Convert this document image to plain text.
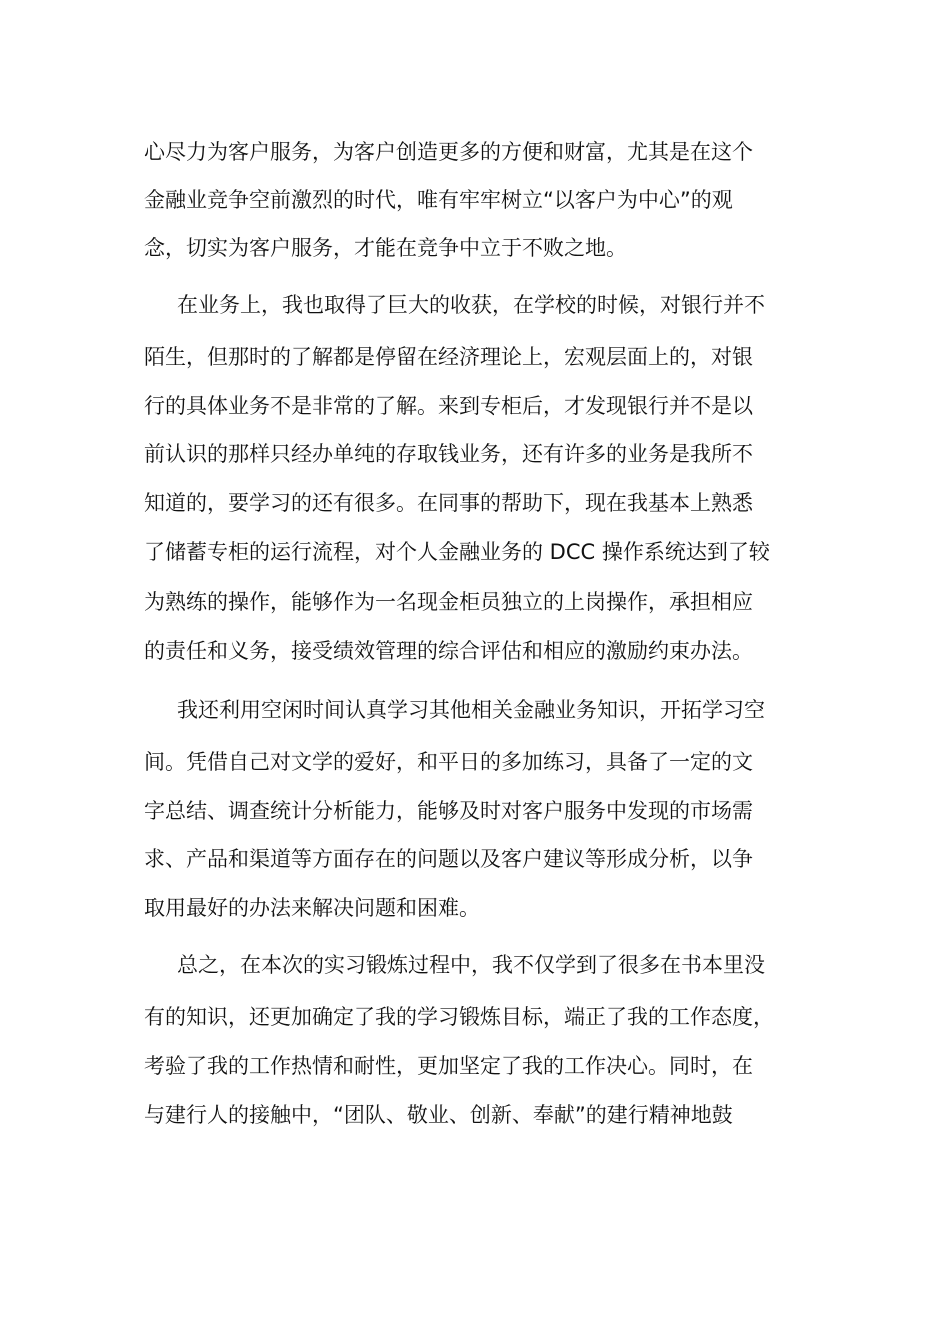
心尽力为客户服务，为客户创造更多的方便和财富，尤其是在这个
金融业竞争空前激烈的时代，唯有牢牢树立“以客户为中心”的观
念，切实为客户服务，才能在竞争中立于不败之地。
在业务上，我也取得了巨大的收获，在学校的时候，对银行并不
陌生，但那时的了解都是停留在经济理论上，宏观层面上的，对银
行的具体业务不是非常的了解。来到专柜后，才发现银行并不是以
前认识的那样只经办单纯的存取钱业务，还有许多的业务是我所不
知道的，要学习的还有很多。在同事的帮助下，现在我基本上熟悉
了储蓄专柜的运行流程，对个人金融业务的 DCC 操作系统达到了较
为熟练的操作，能够作为一名现金柜员独立的上岗操作，承担相应
的责任和义务，接受绩效管理的综合评估和相应的激励约束办法。
我还利用空闲时间认真学习其他相关金融业务知识，开拓学习空
间。凭借自己对文学的爱好，和平日的多加练习，具备了一定的文
字总结、调查统计分析能力，能够及时对客户服务中发现的市场需
求、产品和渠道等方面存在的问题以及客户建议等形成分析，以争
取用最好的办法来解决问题和困难。
总之，在本次的实习锻炼过程中，我不仅学到了很多在书本里没
有的知识，还更加确定了我的学习锻炼目标，端正了我的工作态度，
考验了我的工作热情和耐性，更加坚定了我的工作决心。同时，在
与建行人的接触中，“团队、敬业、创新、奉献”的建行精神地鼓
